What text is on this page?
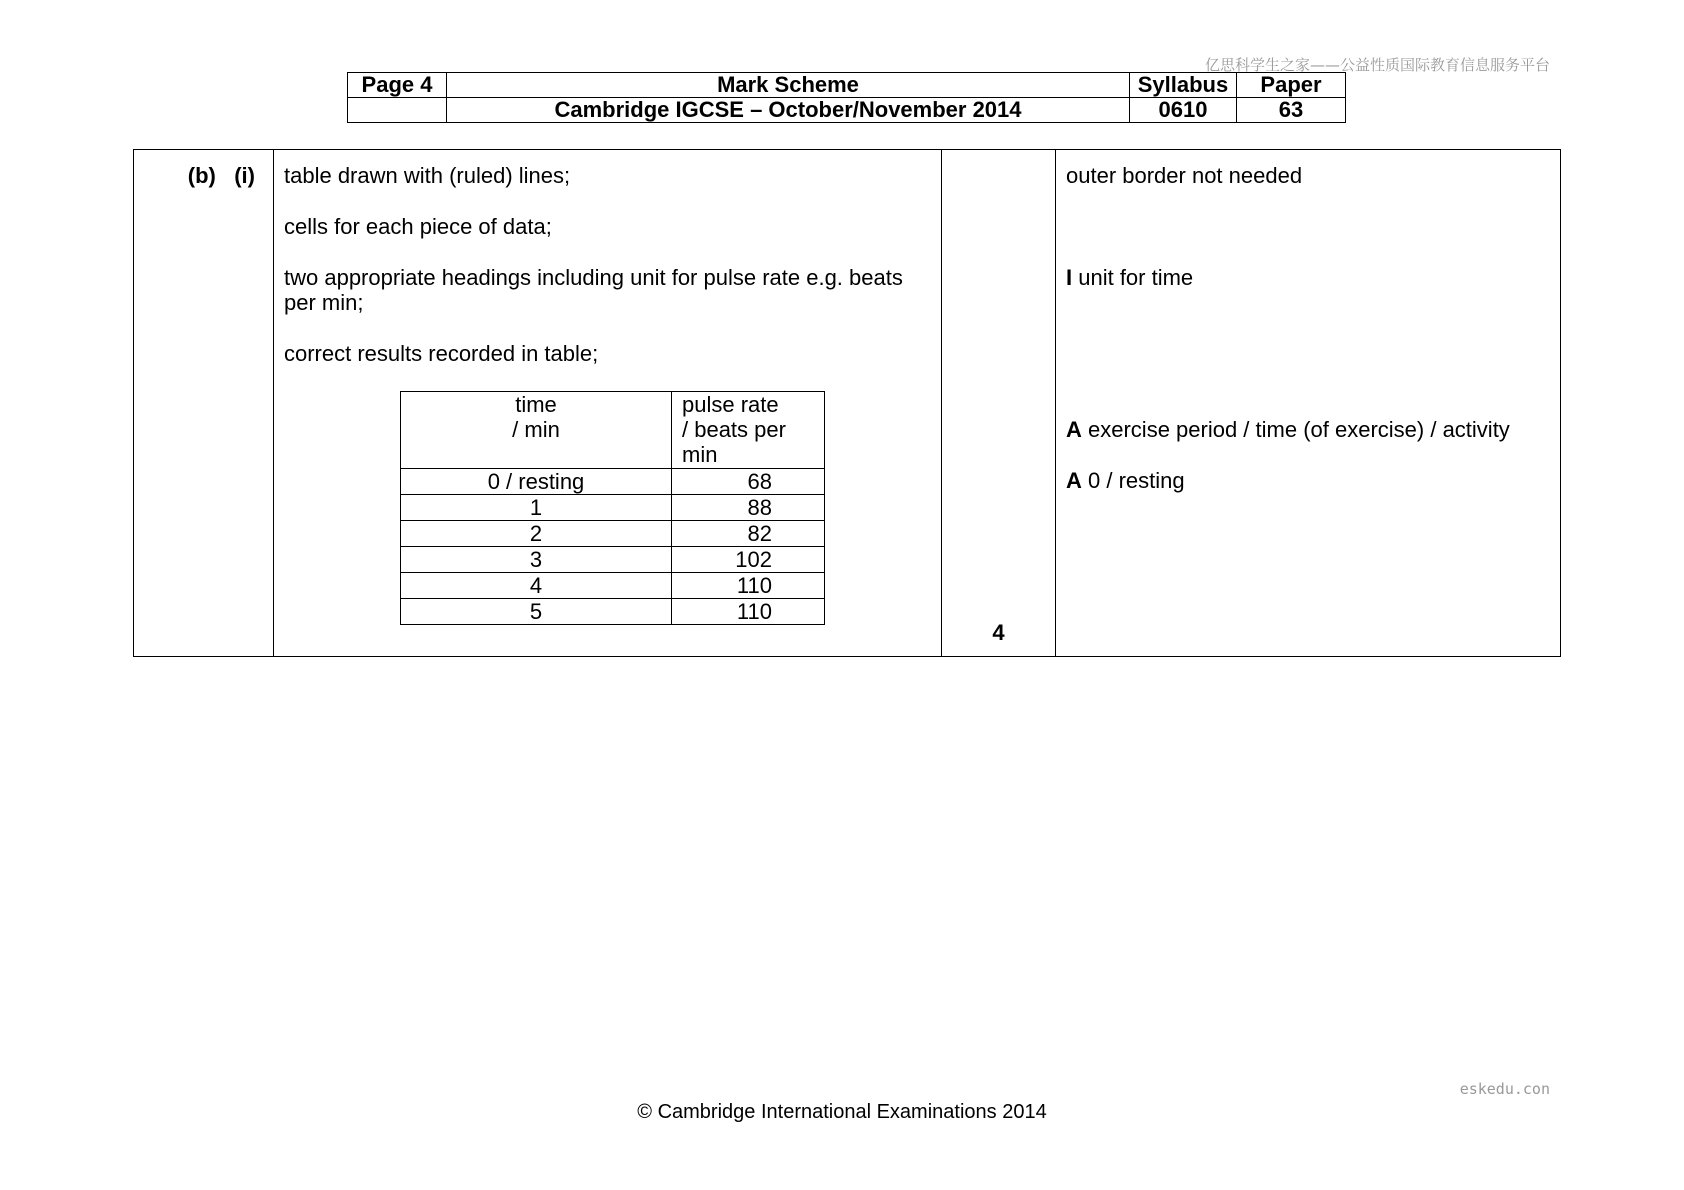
亿思科学生之家——公益性质国际教育信息服务平台
Page 4	Mark Scheme	Syllabus	Paper
	Cambridge IGCSE – October/November 2014	0610	63
(b)   (i)	table drawn with (ruled) lines;

cells for each piece of data;

two appropriate headings including unit for pulse rate e.g. beats per min;

correct results recorded in table;

time
/ min	pulse rate
/ beats per
min
0 / resting	68
1	88
2	82
3	102
4	110
5	110

4

outer border not needed

I unit for time

A exercise period / time (of exercise) / activity

A 0 / resting

eskedu.con
© Cambridge International Examinations 2014
